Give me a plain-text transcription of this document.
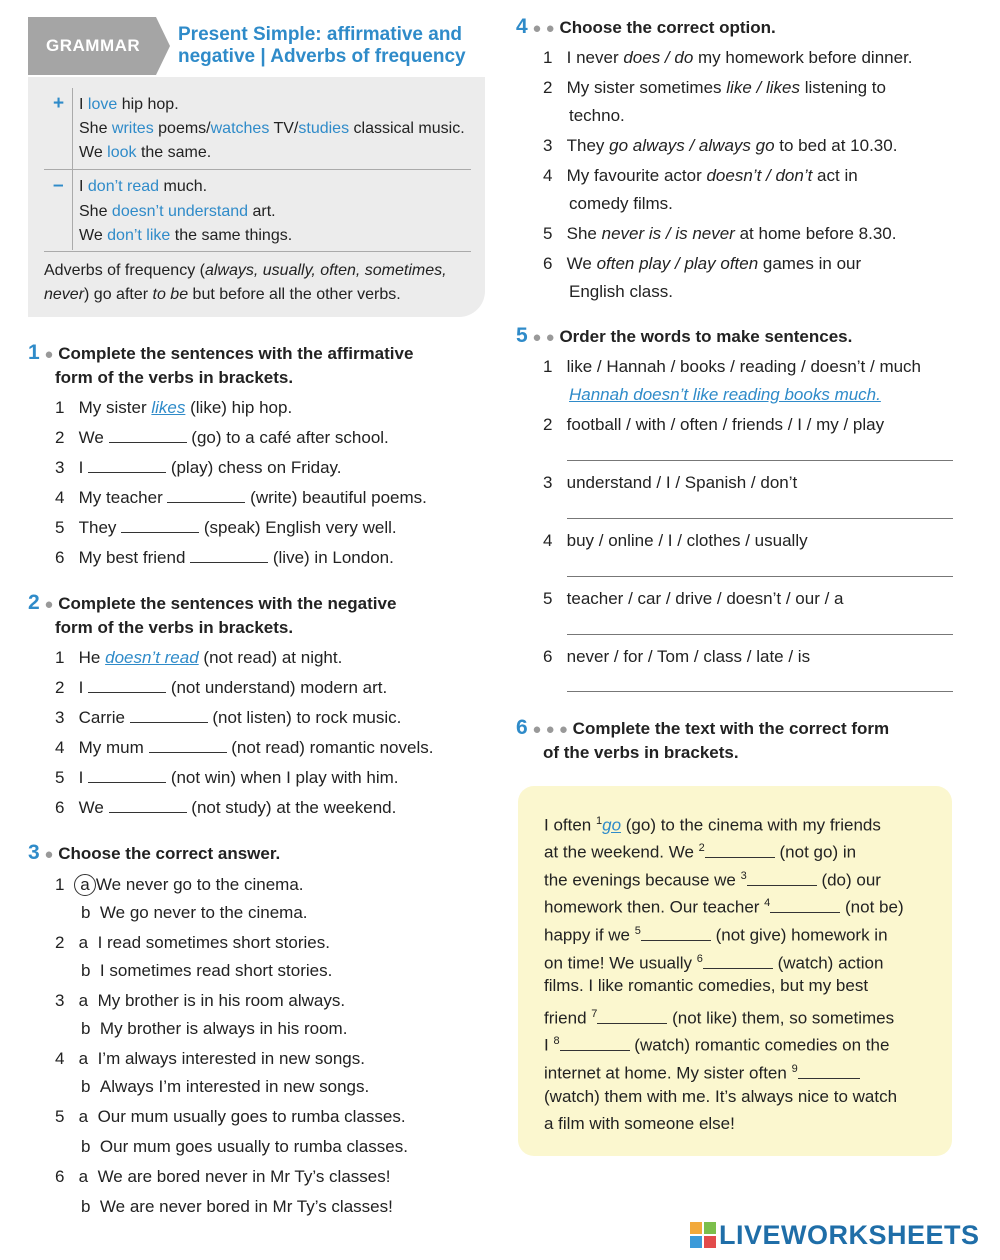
GRAMMAR
Present Simple: affirmative and
negative | Adverbs of frequency
+
–
I love hip hop.
She writes poems/watches TV/studies classical music.
We look the same.
I don’t read much.
She doesn’t understand art.
We don’t like the same things.
Adverbs of frequency (always, usually, often, sometimes,
never) go after to be but before all the other verbs.
1 ● Complete the sentences with the affirmative
form of the verbs in brackets.
1 My sister likes (like) hip hop.
2 We	(go) to a café after school.
3 I	(play) chess on Friday.
4 My teacher	(write) beautiful poems.
5 They	(speak) English very well.
6 My best friend	(live) in London.
2 ● Complete the sentences with the negative
form of the verbs in brackets.
1 He doesn’t read (not read) at night.
2 I	(not understand) modern art.
3 Carrie	(not listen) to rock music.
4 My mum	(not read) romantic novels.
5 I	(not win) when I play with him.
6 We	(not study) at the weekend.
3 ● Choose the correct answer.
1 a We never go to the cinema.
b We go never to the cinema.
2 a I read sometimes short stories.
b I sometimes read short stories.
3 a My brother is in his room always.
b My brother is always in his room.
4 a I’m always interested in new songs.
b Always I’m interested in new songs.
5 a Our mum usually goes to rumba classes.
b Our mum goes usually to rumba classes.
6 a We are bored never in Mr Ty’s classes!
b We are never bored in Mr Ty’s classes!
4 ● ● Choose the correct option.
1 I never does / do my homework before dinner.
2 My sister sometimes like / likes listening to
techno.
3 They go always / always go to bed at 10.30.
4 My favourite actor doesn’t / don’t act in
comedy films.
5 She never is / is never at home before 8.30.
6 We often play / play often games in our
English class.
5 ● ● Order the words to make sentences.
1 like / Hannah / books / reading / doesn’t / much
Hannah doesn’t like reading books much.
2 football / with / often / friends / I / my / play
3 understand / I / Spanish / don’t
4 buy / online / I / clothes / usually
5 teacher / car / drive / doesn’t / our / a
6 never / for / Tom / class / late / is
6 ● ● ● Complete the text with the correct form
of the verbs in brackets.
I often $^1$go (go) to the cinema with my friends
at the weekend. We $^2$	(not go) in
the evenings because we $^3$	(do) our
homework then. Our teacher $^4$	(not be)
happy if we $^5$	(not give) homework in
on time! We usually $^6$	(watch) action
films. I like romantic comedies, but my best
friend $^7$	(not like) them, so sometimes
I $^8$	(watch) romantic comedies on the
internet at home. My sister often $^9$
(watch) them with me. It’s always nice to watch
a film with someone else!
LIVEWORKSHEETS
